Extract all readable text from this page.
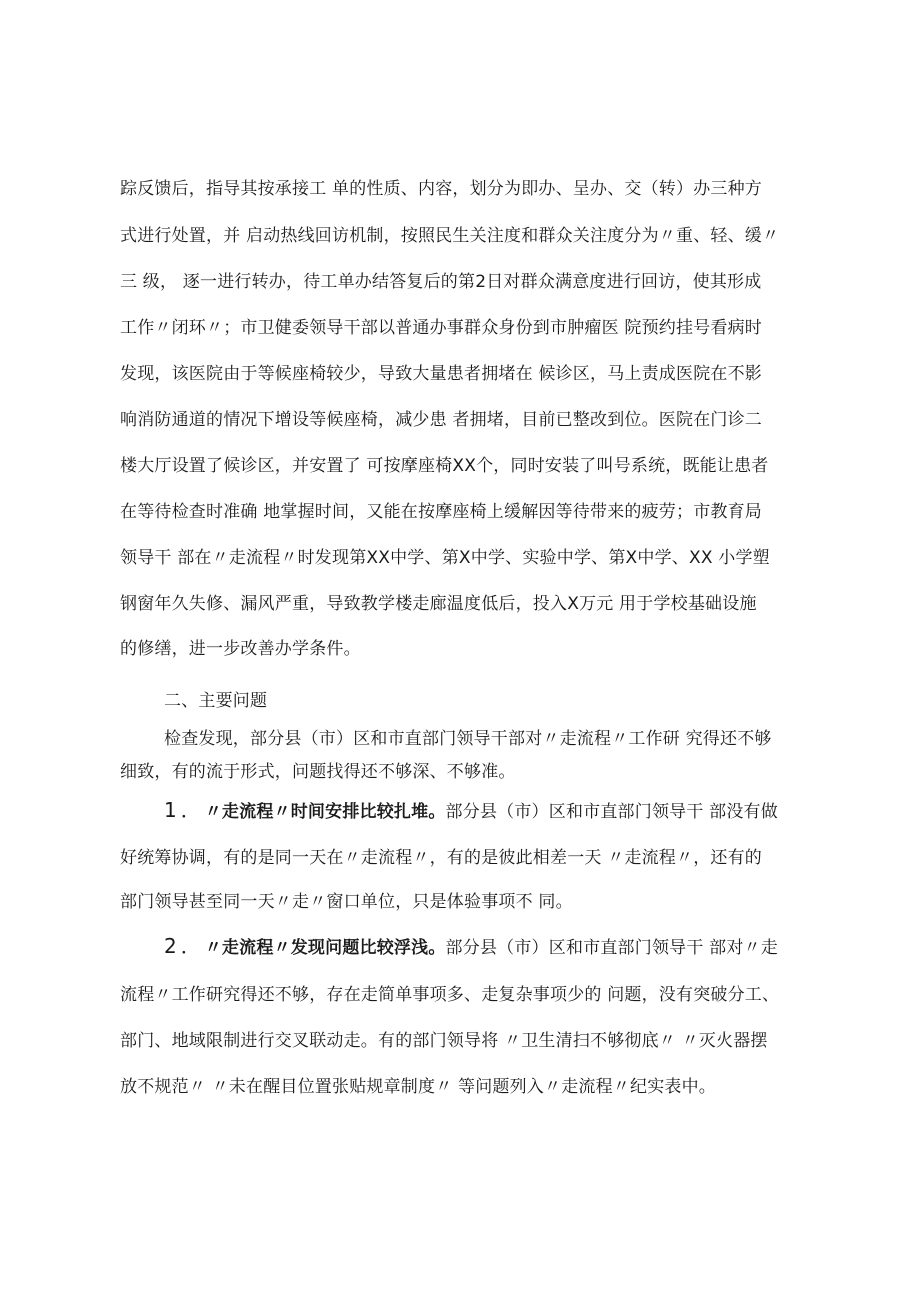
踪反馈后，指导其按承接工 单的性质、内容，划分为即办、呈办、交（转）办三种方
式进行处置，并 启动热线回访机制，按照民生关注度和群众关注度分为〃重、轻、缓〃
三 级， 逐一进行转办，待工单办结答复后的第2日对群众满意度进行回访，使其形成
工作〃闭环〃；市卫健委领导干部以普通办事群众身份到市肿瘤医 院预约挂号看病时
发现，该医院由于等候座椅较少，导致大量患者拥堵在 候诊区，马上责成医院在不影
响消防通道的情况下增设等候座椅，减少患 者拥堵，目前已整改到位。医院在门诊二
楼大厅设置了候诊区，并安置了 可按摩座椅XX个，同时安装了叫号系统，既能让患者
在等待检查时准确 地掌握时间，又能在按摩座椅上缓解因等待带来的疲劳；市教育局
领导干 部在〃走流程〃时发现第XX中学、第X中学、实验中学、第X中学、XX 小学塑
钢窗年久失修、漏风严重，导致教学楼走廊温度低后，投入X万元 用于学校基础设施
的修缮，进一步改善办学条件。
二、主要问题
检查发现，部分县（市）区和市直部门领导干部对〃走流程〃工作研 究得还不够
细致，有的流于形式，问题找得还不够深、不够准。
1．〃走流程〃时间安排比较扎堆。部分县（市）区和市直部门领导干 部没有做
好统筹协调，有的是同一天在〃走流程〃，有的是彼此相差一天 〃走流程〃，还有的
部门领导甚至同一天〃走〃窗口单位，只是体验事项不 同。
2．〃走流程〃发现问题比较浮浅。部分县（市）区和市直部门领导干 部对〃走
流程〃工作研究得还不够，存在走简单事项多、走复杂事项少的 问题，没有突破分工、
部门、地域限制进行交叉联动走。有的部门领导将 〃卫生清扫不够彻底〃 〃灭火器摆
放不规范〃 〃未在醒目位置张贴规章制度〃 等问题列入〃走流程〃纪实表中。
